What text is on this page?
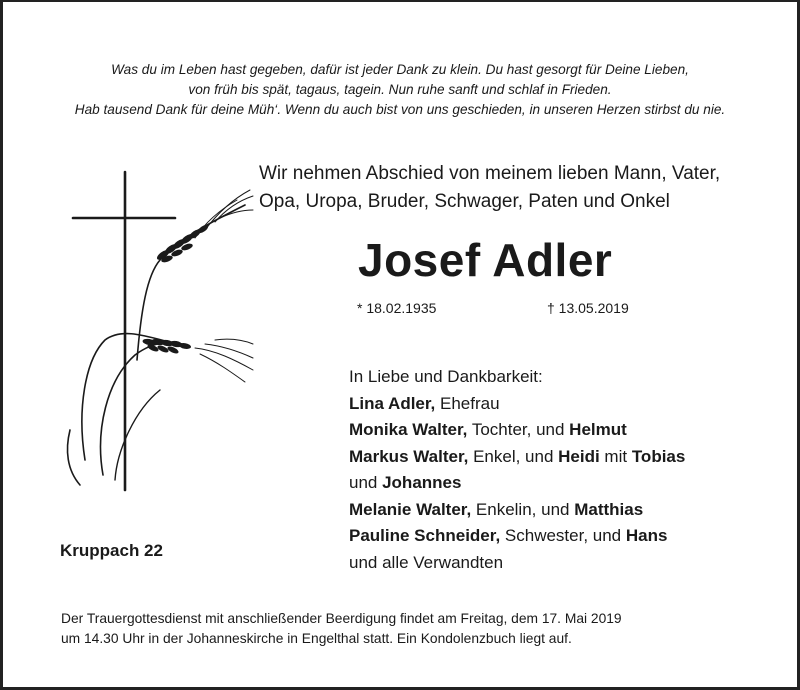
Was du im Leben hast gegeben, dafür ist jeder Dank zu klein. Du hast gesorgt für Deine Lieben,
von früh bis spät, tagaus, tagein. Nun ruhe sanft und schlaf in Frieden.
Hab tausend Dank für deine Müh‘. Wenn du auch bist von uns geschieden, in unseren Herzen stirbst du nie.
Wir nehmen Abschied von meinem lieben Mann, Vater,
Opa, Uropa, Bruder, Schwager, Paten und Onkel
Josef Adler
* 18.02.1935	† 13.05.2019
In Liebe und Dankbarkeit:
Lina Adler, Ehefrau
Monika Walter, Tochter, und Helmut
Markus Walter, Enkel, und Heidi mit Tobias
und Johannes
Melanie Walter, Enkelin, und Matthias
Pauline Schneider, Schwester, und Hans
und alle Verwandten
Kruppach 22
Der Trauergottesdienst mit anschließender Beerdigung findet am Freitag, dem 17. Mai 2019
um 14.30 Uhr in der Johanneskirche in Engelthal statt. Ein Kondolenzbuch liegt auf.
